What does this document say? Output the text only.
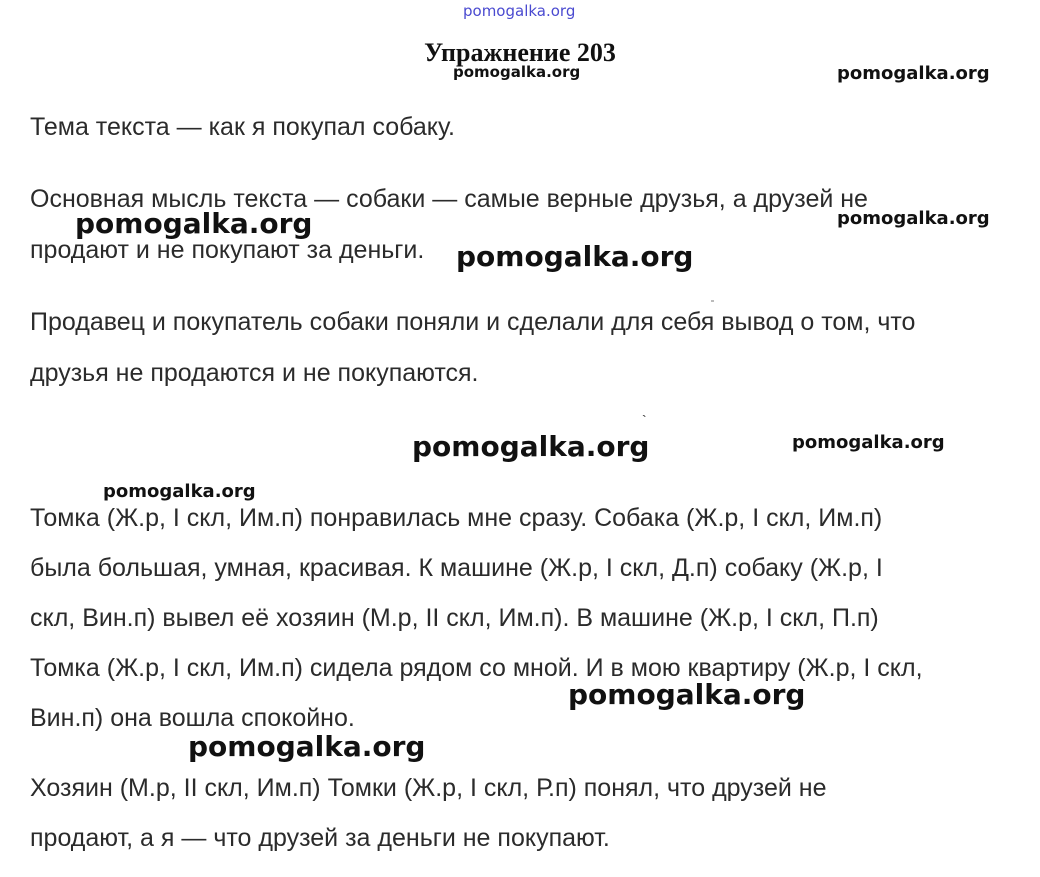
pomogalka.org
Упражнение 203
pomogalka.org	pomogalka.org
Тема текста — как я покупал собаку.
Основная мысль текста — собаки — самые верные друзья, а друзей не
продают и не покупают за деньги.
pomogalka.org	pomogalka.org
pomogalka.org
Продавец и покупатель собаки поняли и сделали для себя вывод о том, что
друзья не продаются и не покупаются.
`
pomogalka.org	pomogalka.org
pomogalka.org
Томка (Ж.р, I скл, Им.п) понравилась мне сразу. Собака (Ж.р, I скл, Им.п)
была большая, умная, красивая. К машине (Ж.р, I скл, Д.п) собаку (Ж.р, I
скл, Вин.п) вывел её хозяин (М.р, II скл, Им.п). В машине (Ж.р, I скл, П.п)
Томка (Ж.р, I скл, Им.п) сидела рядом со мной. И в мою квартиру (Ж.р, I скл,
Вин.п) она вошла спокойно.
pomogalka.org
pomogalka.org
Хозяин (М.р, II скл, Им.п) Томки (Ж.р, I скл, Р.п) понял, что друзей не
продают, а я — что друзей за деньги не покупают.
